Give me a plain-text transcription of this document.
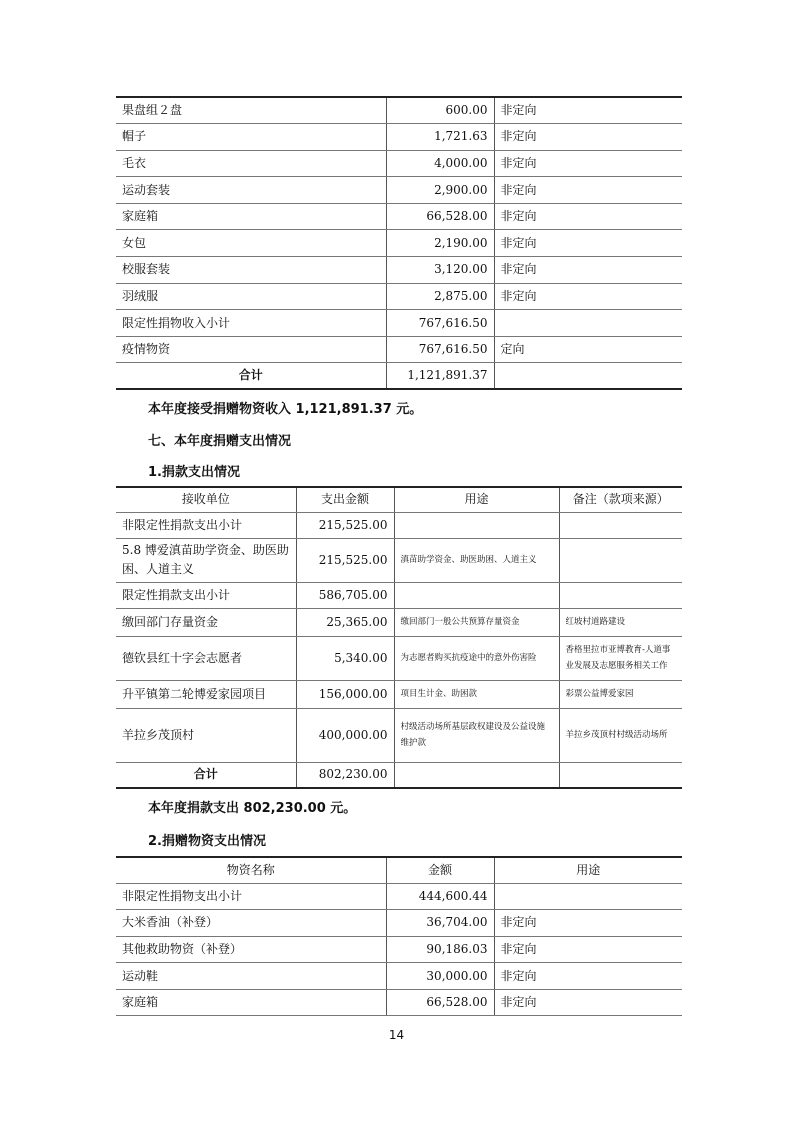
果盘组２盘	600.00	非定向
帽子	1,721.63	非定向
毛衣	4,000.00	非定向
运动套装	2,900.00	非定向
家庭箱	66,528.00	非定向
女包	2,190.00	非定向
校服套装	3,120.00	非定向
羽绒服	2,875.00	非定向
限定性捐物收入小计	767,616.50	
疫情物资	767,616.50	定向
合计	1,121,891.37	
本年度接受捐赠物资收入 1,121,891.37 元。
七、本年度捐赠支出情况
1.捐款支出情况
接收单位	支出金额	用途	备注（款项来源）
非限定性捐款支出小计	215,525.00		
5.8 博爱滇苗助学资金、助医助困、人道主义	215,525.00	滇苗助学资金、助医助困、人道主义	
限定性捐款支出小计	586,705.00		
缴回部门存量资金	25,365.00	缴回部门一般公共预算存量资金	红坡村道路建设
德钦县红十字会志愿者	5,340.00	为志愿者购买抗疫途中的意外伤害险	香格里拉市亚博教育-人道事业发展及志愿服务相关工作
升平镇第二轮博爱家园项目	156,000.00	项目生计金、助困款	彩票公益博爱家园
羊拉乡茂顶村	400,000.00	村级活动场所基层政权建设及公益设施维护款	羊拉乡茂顶村村级活动场所
合计	802,230.00		
本年度捐款支出 802,230.00 元。
2.捐赠物资支出情况
物资名称	金额	用途
非限定性捐物支出小计	444,600.44	
大米香油（补登）	36,704.00	非定向
其他救助物资（补登）	90,186.03	非定向
运动鞋	30,000.00	非定向
家庭箱	66,528.00	非定向
14
